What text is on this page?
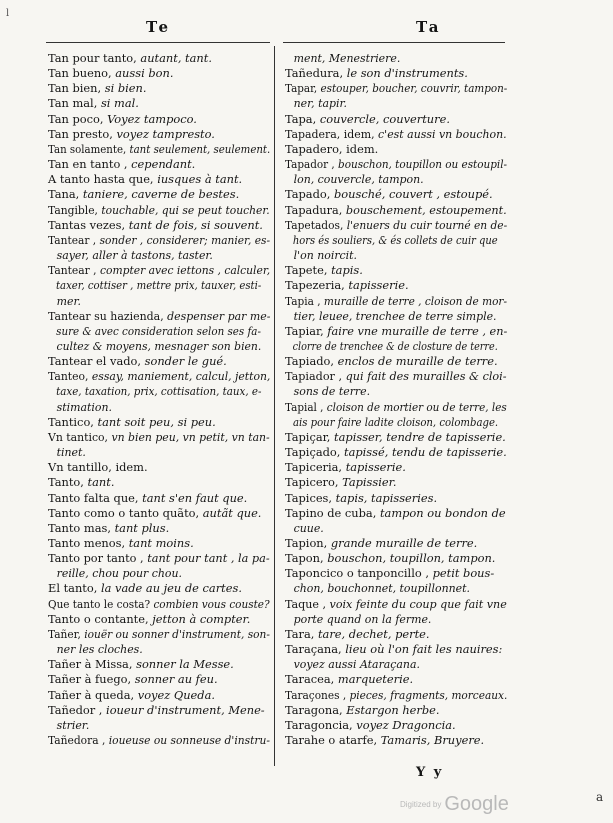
l
Te	Ta

Tan pour tanto, autant, tant.

Tan bueno, aussi bon.

Tan bien, si bien.

Tan mal, si mal.

Tan poco, Voyez tampoco.

Tan presto, voyez tampresto.

Tan solamente, tant seulement, seulement.

Tan en tanto , cependant.

A tanto hasta que, iusques à tant.

Tana, taniere, caverne de bestes.

Tangible, touchable, qui se peut toucher.

Tantas vezes, tant de fois, si souvent.

Tantear , sonder , considerer; manier, es-

sayer, aller à tastons, taster.

Tantear , compter avec iettons , calculer,

taxer, cottiser , mettre prix, tauxer, esti-

mer.

Tantear su hazienda, despenser par me-

sure & avec consideration selon ses fa-

cultez & moyens, mesnager son bien.

Tantear el vado, sonder le gué.

Tanteo, essay, maniement, calcul, jetton,

taxe, taxation, prix, cottisation, taux, e-

stimation.

Tantico, tant soit peu, si peu.

Vn tantico, vn bien peu, vn petit, vn tan-

tinet.

Vn tantillo, idem.

Tanto, tant.

Tanto falta que, tant s'en faut que.

Tanto como o tanto quãto, autãt que.

Tanto mas, tant plus.

Tanto menos, tant moins.

Tanto por tanto , tant pour tant , la pa-

reille, chou pour chou.

El tanto, la vade au jeu de cartes.

Que tanto le costa? combien vous couste?

Tanto o contante, jetton à compter.

Tañer, iouër ou sonner d'instrument, son-

ner les cloches.

Tañer à Missa, sonner la Messe.

Tañer à fuego, sonner au feu.

Tañer à queda, voyez Queda.

Tañedor , ioueur d'instrument, Mene-

strier.

Tañedora , ioueuse ou sonneuse d'instru-

ment, Menestriere.

Tañedura, le son d'instruments.

Tapar, estouper, boucher, couvrir, tampon-

ner, tapir.

Tapa, couvercle, couverture.

Tapadera, idem, c'est aussi vn bouchon.

Tapadero, idem.

Tapador , bouschon, toupillon ou estoupil-

lon, couvercle, tampon.

Tapado, bousché, couvert , estoupé.

Tapadura, bouschement, estoupement.

Tapetados, l'enuers du cuir tourné en de-

hors és souliers, & és collets de cuir que

l'on noircit.

Tapete, tapis.

Tapezeria, tapisserie.

Tapia , muraille de terre , cloison de mor-

tier, leuee, trenchee de terre simple.

Tapiar, faire vne muraille de terre , en-

clorre de trenchee & de closture de terre.

Tapiado, enclos de muraille de terre.

Tapiador , qui fait des murailles & cloi-

sons de terre.

Tapial , cloison de mortier ou de terre, les

ais pour faire ladite cloison, colombage.

Tapiçar, tapisser, tendre de tapisserie.

Tapiçado, tapissé, tendu de tapisserie.

Tapiceria, tapisserie.

Tapicero, Tapissier.

Tapices, tapis, tapisseries.

Tapino de cuba, tampon ou bondon de

cuue.

Tapion, grande muraille de terre.

Tapon, bouschon, toupillon, tampon.

Taponcico o tanponcillo , petit bous-

chon, bouchonnet, toupillonnet.

Taque , voix feinte du coup que fait vne

porte quand on la ferme.

Tara, tare, dechet, perte.

Taraçana, lieu où l'on fait les nauires:

voyez aussi Ataraçana.

Taracea, marqueterie.

Taraçones , pieces, fragments, morceaux.

Taragona, Estargon herbe.

Taragoncia, voyez Dragoncia.

Tarahe o atarfe, Tamaris, Bruyere.

Y y
Digitized by Google	a
